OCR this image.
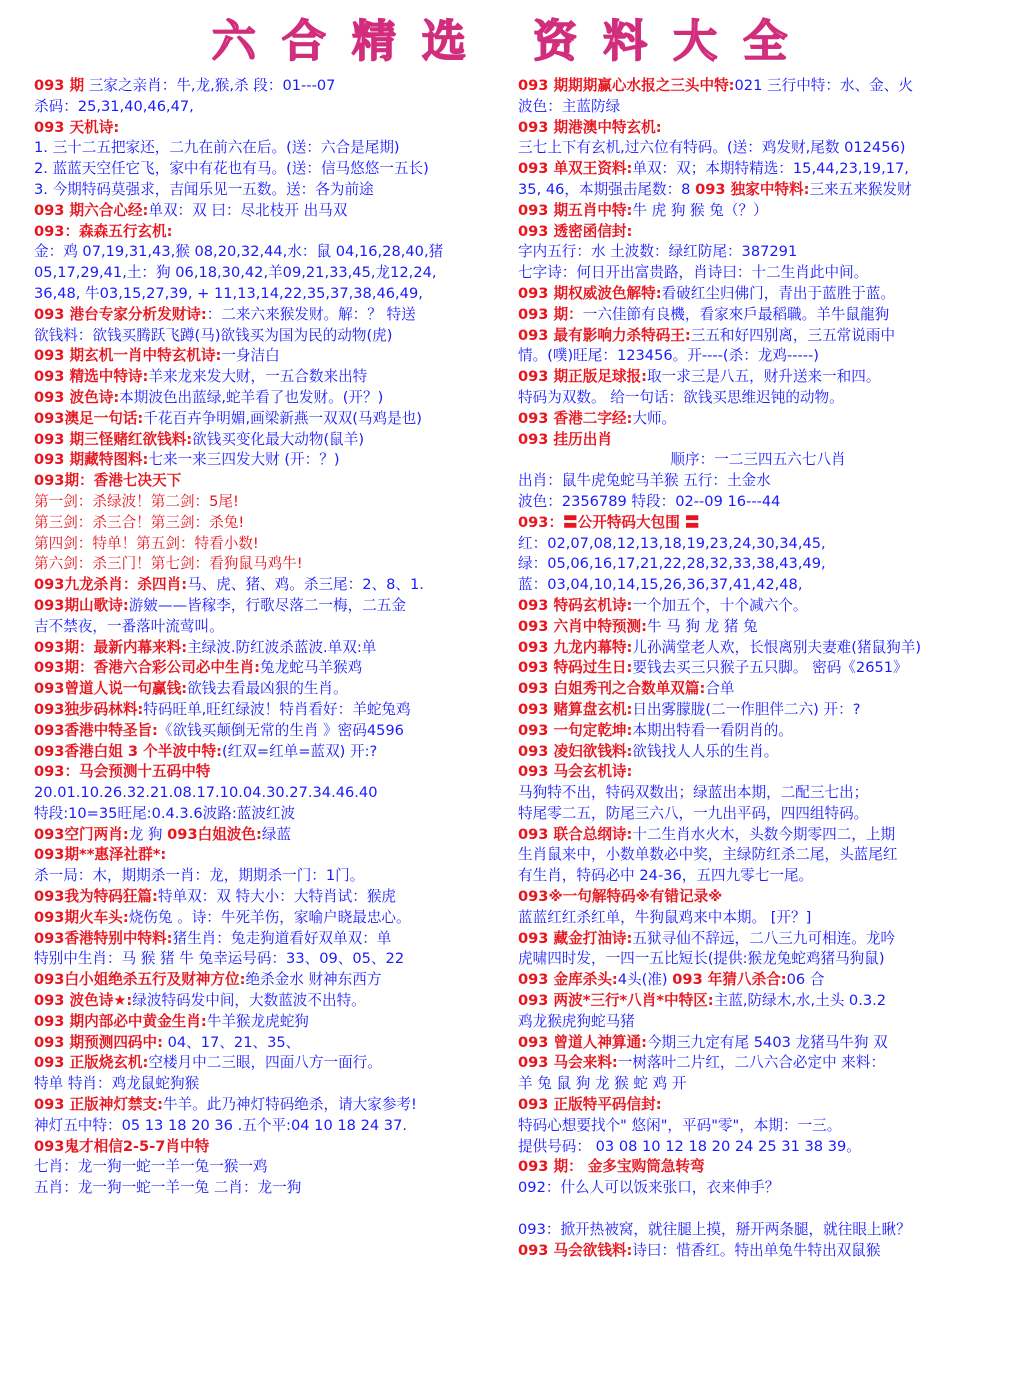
六合精选 资料大全
093 期 三家之亲肖：牛,龙,猴,杀 段：01---07
杀码：25,31,40,46,47,
093 天机诗:
1. 三十二五把家还，二九在前六在后。(送：六合是尾期)
2. 蓝蓝天空任它飞，家中有花也有马。(送：信马悠悠一五长)
3. 今期特码莫强求，吉闻乐见一五数。送：各为前途
093 期六合心经:单双：双 曰：尽北枝开 出马双
093：森森五行玄机:
金：鸡 07,19,31,43,猴 08,20,32,44,水：鼠 04,16,28,40,猪
05,17,29,41,土：狗 06,18,30,42,羊09,21,33,45,龙12,24,
36,48, 牛03,15,27,39, + 11,13,14,22,35,37,38,46,49,
093 港台专家分析发财诗:：二来六来猴发财。解：？ 特送
欲钱料：欲钱买腾跃飞蹲(马)欲钱买为国为民的动物(虎)
093 期玄机一肖中特玄机诗:一身洁白
093 精选中特诗:羊来龙来发大财，一五合数来出特
093 波色诗:本期波色出蓝绿,蛇羊看了也发财。(开？)
093澳足一句话:千花百卉争明媚,画梁新燕一双双(马鸡是也)
093 期三怪赌红欲钱料:欲钱买变化最大动物(鼠羊)
093 期藏特图料:七来一来三四发大财 (开：？)
093期：香港七决天下
第一剑：杀绿波！第二剑：5尾!
第三剑：杀三合！第三剑：杀兔!
第四剑：特单！第五剑：特看小数!
第六剑：杀三门！第七剑：看狗鼠马鸡牛!
093九龙杀肖：杀四肖:马、虎、猪、鸡。杀三尾：2、8、1.
093期山歌诗:游皴——皆稼李，行歌尽落二一梅，二五金
吉不禁夜，一番落叶流莺叫。
093期：最新内幕来料:主绿波.防红波杀蓝波.单双:单
093期：香港六合彩公司必中生肖:兔龙蛇马羊猴鸡
093曾道人说一句赢钱:欲钱去看最凶狠的生肖。
093独步码林料:特码旺单,旺红绿波！特肖看好：羊蛇兔鸡
093香港中特圣旨:《欲钱买颠倒无常的生肖 》密码4596
093香港白姐 3 个半波中特:(红双=红单=蓝双) 开:?
093：马会预测十五码中特
20.01.10.26.32.21.08.17.10.04.30.27.34.46.40
特段:10=35旺尾:0.4.3.6波路:蓝波红波
093空门两肖:龙 狗 093白姐波色:绿蓝
093期**惠泽社群*:
杀一局：木，期期杀一肖：龙，期期杀一门：1门。
093我为特码狂篇:特单双：双 特大小：大特肖试：猴虎
093期火车头:烧伤兔 。诗：牛死羊伤，家喻户晓最忠心。
093香港特别中特料:猪生肖：兔走狗道看好双单双：单
特别中生肖：马 猴 猪 牛 兔幸运号码：33、09、05、22
093白小姐绝杀五行及财神方位:绝杀金水 财神东西方
093 波色诗★:绿波特码发中间，大数蓝波不出特。
093 期内部必中黄金生肖:牛羊猴龙虎蛇狗
093 期预测四码中: 04、17、21、35、
093 正版烧玄机:空楼月中二三眼，四面八方一面行。
特单 特肖：鸡龙鼠蛇狗猴
093 正版神灯禁支:牛羊。此乃神灯特码绝杀，请大家参考!
神灯五中特：05 13 18 20 36 .五个平:04 10 18 24 37.
093鬼才相信2-5-7肖中特
七肖：龙一狗一蛇一羊一兔一猴一鸡
五肖：龙一狗一蛇一羊一兔 二肖：龙一狗
093 期期期赢心水报之三头中特:021 三行中特：水、金、火
波色：主蓝防绿
093 期港澳中特玄机:
三七上下有玄机,过六位有特码。(送：鸡发财,尾数 012456)
093 单双王资料:单双：双；本期特精选：15,44,23,19,17,
35, 46，本期强击尾数：8 093 独家中特料:三来五来猴发财
093 期五肖中特:牛 虎 狗 猴 兔（？）
093 透密函信封:
字内五行：水 土波数：绿红防尾：387291
七字诗：何日开出富贵路，肖诗曰：十二生肖此中间。
093 期权威波色解特:看破红尘归佛门，青出于蓝胜于蓝。
093 期：一六佳節有良機，看家來戶最稻職。羊牛鼠龍狗
093 最有影响力杀特码王:三五和好四别离，三五常说雨中
情。(噗)旺尾：123456。开----(杀：龙鸡-----)
093 期正版足球报:取一求三是八五，财升送来一和四。
特码为双数。 给一句话：欲钱买思维迟钝的动物。
093 香港二字经:大师。
093 挂历出肖
顺序：一二三四五六七八肖
出肖：鼠牛虎兔蛇马羊猴 五行：土金水
波色：2356789 特段：02--09 16---44
093：〓公开特码大包围 〓
红：02,07,08,12,13,18,19,23,24,30,34,45,
绿：05,06,16,17,21,22,28,32,33,38,43,49,
蓝：03,04,10,14,15,26,36,37,41,42,48,
093 特码玄机诗:一个加五个，十个减六个。
093 六肖中特预测:牛 马 狗 龙 猪 兔
093 九龙内幕特:儿孙满堂老人欢，长恨离别夫妻难(猪鼠狗羊)
093 特码过生日:要钱去买三只猴子五只脚。 密码《2651》
093 白姐秀刊之合数单双篇:合单
093 赌算盘玄机:日出雾朦胧(二一作胆伴二六) 开：?
093 一句定乾坤:本期出特看一看阴肖的。
093 凌妇欲钱料:欲钱找人人乐的生肖。
093 马会玄机诗:
马狗特不出，特码双数出；绿蓝出本期，二配三七出；
特尾零二五，防尾三六八，一九出平码，四四组特码。
093 联合总纲诗:十二生肖水火木，头数今期零四二，上期
生肖鼠来中，小数单数必中奖，主绿防红杀二尾，头蓝尾红
有生肖，特码必中 24-36，五四九零七一尾。
093※一句解特码※有错记录※
蓝蓝红红杀红单，牛狗鼠鸡来中本期。 [开？]
093 藏金打油诗:五狱寻仙不辞远，二八三九可相连。龙吟
虎啸四时发，一四一五比短长(提供:猴龙兔蛇鸡猪马狗鼠)
093 金库杀头:4头(准) 093 年猜八杀合:06 合
093 两波*三行*八肖*中特区:主蓝,防绿木,水,土头 0.3.2
鸡龙猴虎狗蛇马猪
093 曾道人神算通:今期三九定有尾 5403 龙猪马牛狗 双
093 马会来料:一树落叶二片红，二八六合必定中 来料：
羊 兔 鼠 狗 龙 猴 蛇 鸡 开
093 正版特平码信封:
特码心想要找个" 悠闲"，平码"零"，本期：一三。
提供号码： 03 08 10 12 18 20 24 25 31 38 39。
093 期： 金多宝购筒急转弯
092：什么人可以饭来张口，衣来伸手？
093：掀开热被窝，就往腿上摸，掰开两条腿，就往眼上瞅？
093 马会欲钱料:诗曰：惜香红。特出单兔牛特出双鼠猴
